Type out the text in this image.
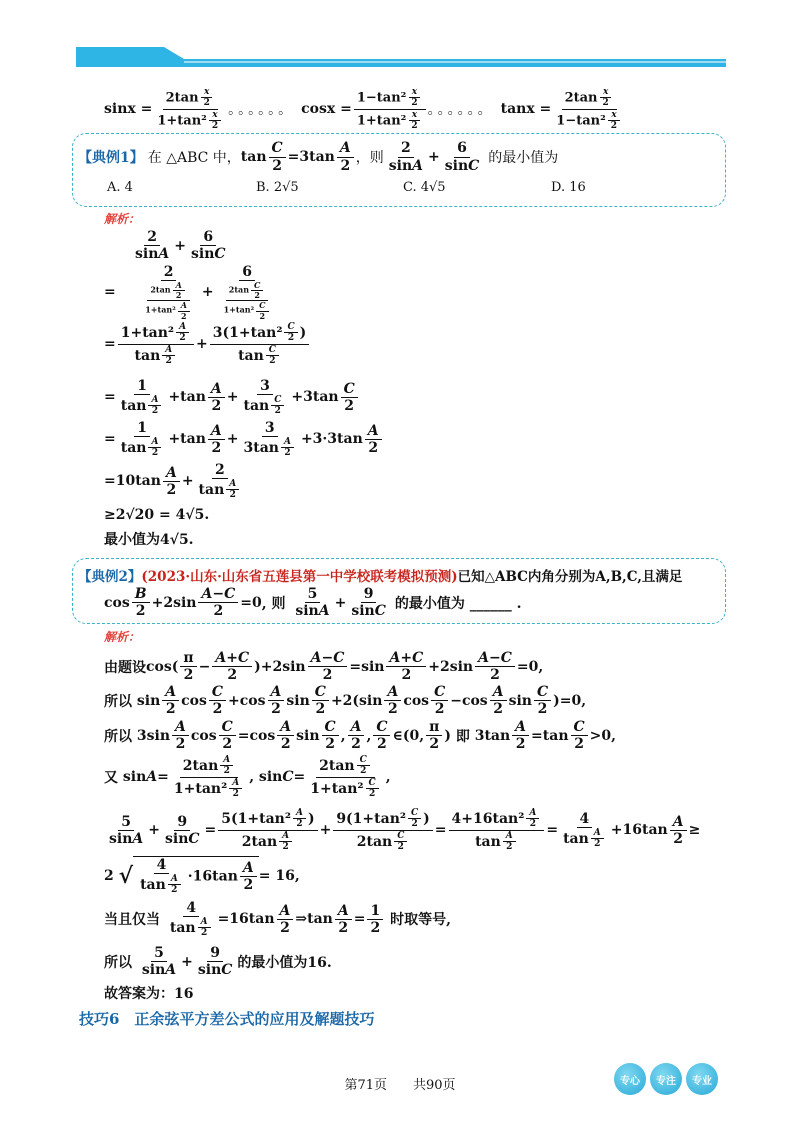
$\sin x = \frac{2\tan \frac{x}{2}}{1+\tan^2 \frac{x}{2}}$ 。。。。。。 $\cos x = \frac{1-\tan^2 \frac{x}{2}}{1+\tan^2 \frac{x}{2}}$ 。。。。。。 $\tan x = \frac{2\tan \frac{x}{2}}{1-\tan^2 \frac{x}{2}}$
【典例1】 在 △ABC 中， $\tan \frac{C}{2} =3\tan \frac{A}{2}$ ，则 $\frac{2}{\sin A} + \frac{6}{\sin C}$ 的最小值为
A. 4	B. 2√5	C. 4√5	D. 16
解析：
$\frac{2}{\sin A} + \frac{6}{\sin C}$
= $\frac{2}{\frac{2\tan \frac{A}{2}}{1+\tan^2 \frac{A}{2}}} + \frac{6}{\frac{2\tan \frac{C}{2}}{1+\tan^2 \frac{C}{2}}}$
= $\frac{1+\tan^2 \frac{A}{2}}{\tan \frac{A}{2}} + \frac{3(1+\tan^2 \frac{C}{2} )}{\tan \frac{C}{2}}$
= $\frac{1}{\tan \frac{A}{2}} +\tan \frac{A}{2} + \frac{3}{\tan \frac{C}{2}} +3\tan \frac{C}{2}$
= $\frac{1}{\tan \frac{A}{2}} +\tan \frac{A}{2} + \frac{3}{3\tan \frac{A}{2}} +3\cdot 3\tan \frac{A}{2}$
$=10\tan \frac{A}{2} + \frac{2}{\tan \frac{A}{2}}$
≥2√20 = 4√5.
最小值为4√5.
【典例2】 (2023·山东·山东省五莲县第一中学校联考模拟预测) 已知△ABC内角分别为A,B,C,且满足
$\cos \frac{B}{2} +2\sin \frac{A-C}{2} =0$ , 则
$\frac{5}{\sin A} + \frac{9}{\sin C}$ 的最小值为 ______ .
解析：
由题设 $\cos( \frac{\pi}{2} - \frac{A+C}{2} )+2\sin \frac{A-C}{2} =\sin \frac{A+C}{2} +2\sin \frac{A-C}{2} =0$,
所以 $\sin \frac{A}{2}$ $\cos \frac{C}{2} +\cos \frac{A}{2}$ $\sin \frac{C}{2} +2(\sin \frac{A}{2}$ $\cos \frac{C}{2} -\cos \frac{A}{2}$ $\sin \frac{C}{2} )=0$,
所以 $3\sin \frac{A}{2}$ $\cos \frac{C}{2} =\cos \frac{A}{2}$ $\sin \frac{C}{2}$ , $\frac{A}{2}$ , $\frac{C}{2}$ ∈(0, $\frac{\pi}{2}$ ) 即 $3\tan \frac{A}{2} =\tan \frac{C}{2} >0$,
又 $\sin A = \frac{2\tan \frac{A}{2}}{1+\tan^2 \frac{A}{2}}$ , $\sin C = \frac{2\tan \frac{C}{2}}{1+\tan^2 \frac{C}{2}}$ ,
$\frac{5}{\sin A} + \frac{9}{\sin C} = \frac{5(1+\tan^2 \frac{A}{2} )}{2\tan \frac{A}{2}} + \frac{9(1+\tan^2 \frac{C}{2} )}{2\tan \frac{C}{2}} = \frac{4+16\tan^2 \frac{A}{2}}{\tan \frac{A}{2}} = \frac{4}{\tan \frac{A}{2}} +16\tan \frac{A}{2}$ ≥
2 √ $\frac{4}{\tan \frac{A}{2}} \cdot 16\tan \frac{A}{2} = 16$,
当且仅当
$\frac{4}{\tan \frac{A}{2}} =16\tan \frac{A}{2}$ ⇒tan $\frac{A}{2} = \frac{1}{2}$
时取等号,
所以
$\frac{5}{\sin A} + \frac{9}{\sin C}$ 的最小值为16.
故答案为：16
技巧6　正余弦平方差公式的应用及解题技巧
第71页　　共90页	专心	专注	专业
